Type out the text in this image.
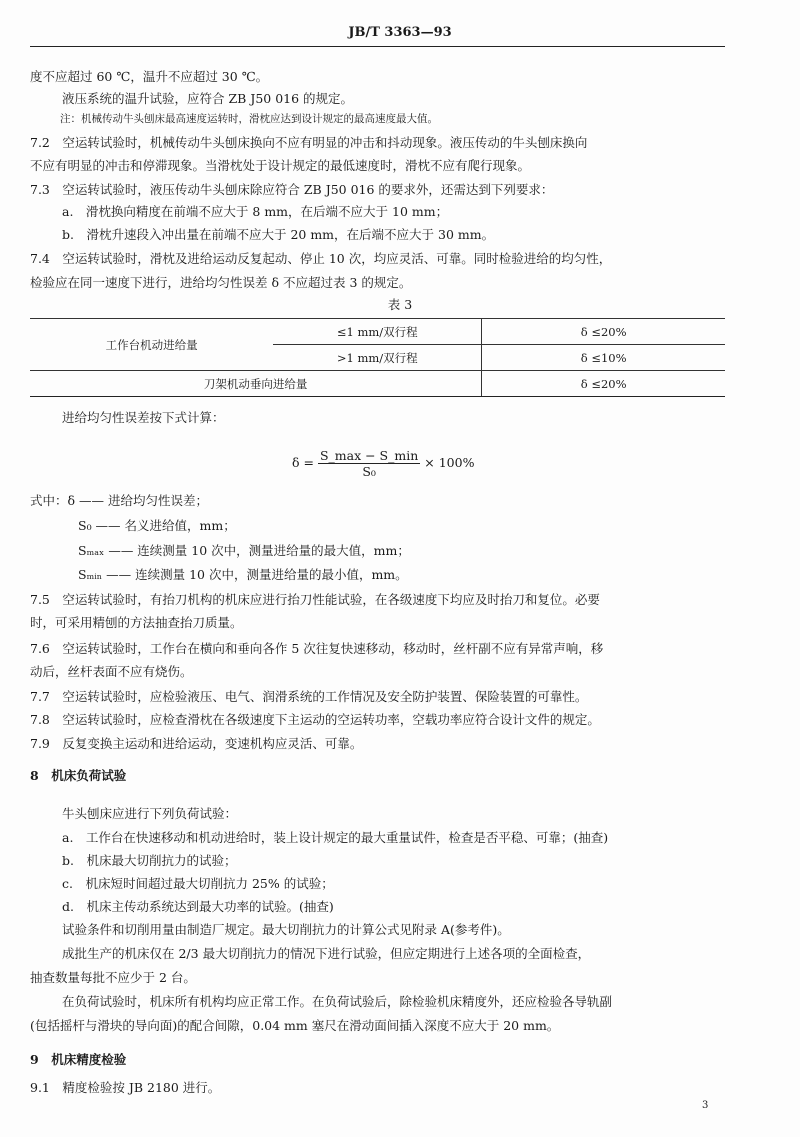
JB/T 3363—93
度不应超过 60 ℃，温升不应超过 30 ℃。
液压系统的温升试验，应符合 ZB J50 016 的规定。
注：机械传动牛头刨床最高速度运转时，滑枕应达到设计规定的最高速度最大值。
7.2　空运转试验时，机械传动牛头刨床换向不应有明显的冲击和抖动现象。液压传动的牛头刨床换向
不应有明显的冲击和停滞现象。当滑枕处于设计规定的最低速度时，滑枕不应有爬行现象。
7.3　空运转试验时，液压传动牛头刨床除应符合 ZB J50 016 的要求外，还需达到下列要求：
a.　滑枕换向精度在前端不应大于 8 mm，在后端不应大于 10 mm；
b.　滑枕升速段入冲出量在前端不应大于 20 mm，在后端不应大于 30 mm。
7.4　空运转试验时，滑枕及进给运动反复起动、停止 10 次，均应灵活、可靠。同时检验进给的均匀性，
检验应在同一速度下进行，进给均匀性误差 δ 不应超过表 3 的规定。
表 3
工作台机动进给量	≤1 mm/双行程	δ ≤20%
	>1 mm/双行程	δ ≤10%
刀架机动垂向进给量		δ ≤20%
进给均匀性误差按下式计算：
$\delta = \frac{S\_\max - S\_\min}{\text{S₀}} \times 100\%$
式中：δ —— 进给均匀性误差；
S₀ —— 名义进给值，mm；
Sₘₐₓ —— 连续测量 10 次中，测量进给量的最大值，mm；
Sₘᵢₙ —— 连续测量 10 次中，测量进给量的最小值，mm。
7.5　空运转试验时，有抬刀机构的机床应进行抬刀性能试验，在各级速度下均应及时抬刀和复位。必要
时，可采用精刨的方法抽查抬刀质量。
7.6　空运转试验时，工作台在横向和垂向各作 5 次往复快速移动，移动时，丝杆副不应有异常声响，移
动后，丝杆表面不应有烧伤。
7.7　空运转试验时，应检验液压、电气、润滑系统的工作情况及安全防护装置、保险装置的可靠性。
7.8　空运转试验时，应检查滑枕在各级速度下主运动的空运转功率，空载功率应符合设计文件的规定。
7.9　反复变换主运动和进给运动，变速机构应灵活、可靠。
8　机床负荷试验
牛头刨床应进行下列负荷试验：
a.　工作台在快速移动和机动进给时，装上设计规定的最大重量试件，检查是否平稳、可靠；(抽查)
b.　机床最大切削抗力的试验；
c.　机床短时间超过最大切削抗力 25% 的试验；
d.　机床主传动系统达到最大功率的试验。(抽查)
试验条件和切削用量由制造厂规定。最大切削抗力的计算公式见附录 A(参考件)。
成批生产的机床仅在 2/3 最大切削抗力的情况下进行试验，但应定期进行上述各项的全面检查，
抽查数量每批不应少于 2 台。
在负荷试验时，机床所有机构均应正常工作。在负荷试验后，除检验机床精度外，还应检验各导轨副
(包括摇杆与滑块的导向面)的配合间隙，0.04 mm 塞尺在滑动面间插入深度不应大于 20 mm。
9　机床精度检验
9.1　精度检验按 JB 2180 进行。
3
